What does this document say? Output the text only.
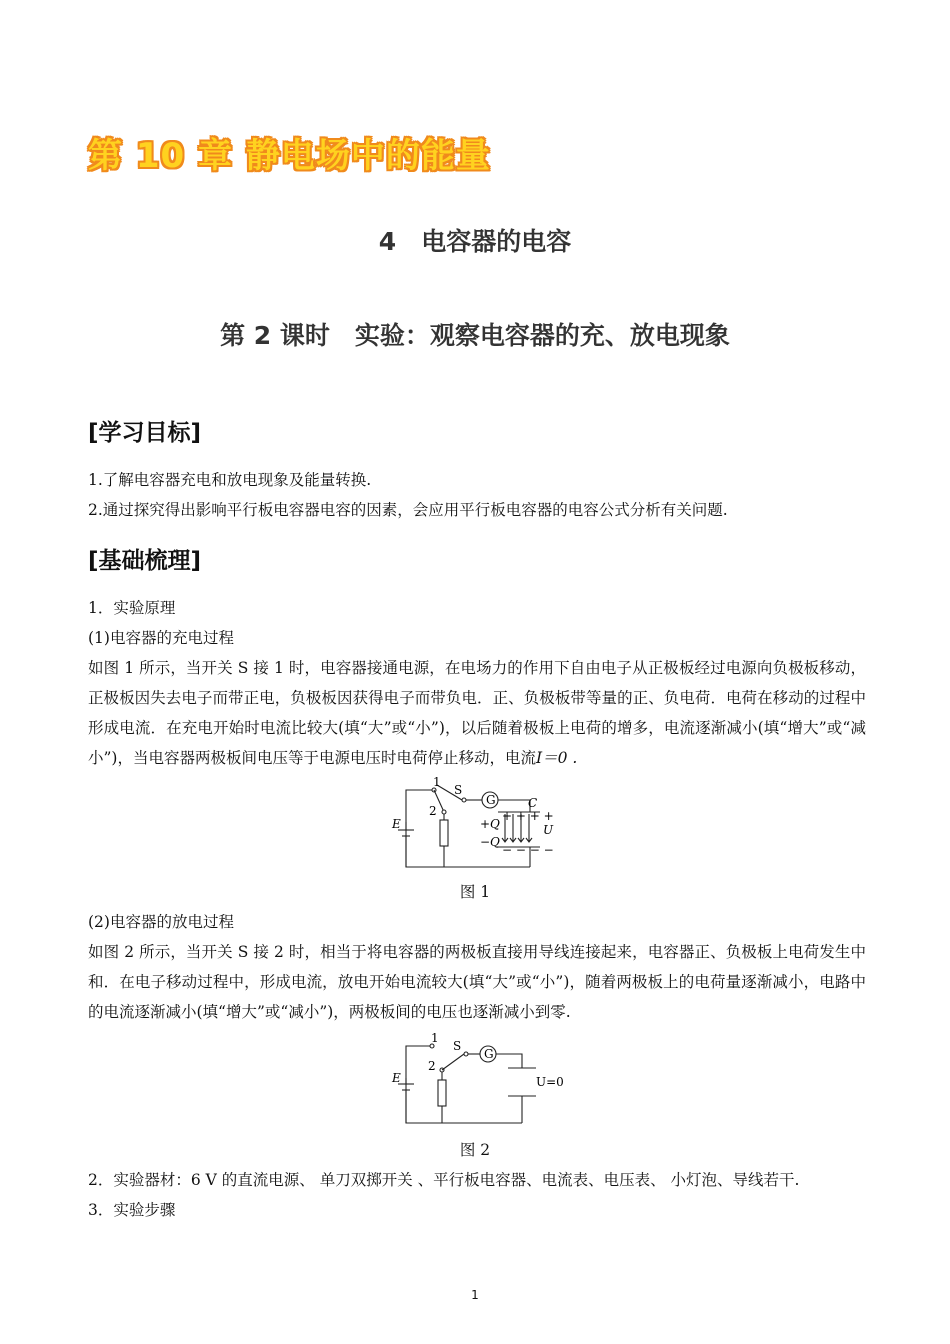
第 10 章 静电场中的能量
4　电容器的电容
第 2 课时　实验：观察电容器的充、放电现象
[学习目标]
1.了解电容器充电和放电现象及能量转换.
2.通过探究得出影响平行板电容器电容的因素，会应用平行板电容器的电容公式分析有关问题.
[基础梳理]
1．实验原理
(1)电容器的充电过程
如图 1 所示，当开关 S 接 1 时，电容器接通电源，在电场力的作用下自由电子从正极板经过电源向负极板移动，正极板因失去电子而带正电，负极板因获得电子而带负电．正、负极板带等量的正、负电荷．电荷在移动的过程中形成电流．在充电开始时电流比较大(填“大”或“小”)，以后随着极板上电荷的增多，电流逐渐减小(填“增大”或“减小”)，当电容器两极板间电压等于电源电压时电荷停止移动，电流I＝0 .
1
2
S
G	C
E	+Q
−Q
U
+ + + +
− − − −
图 1
(2)电容器的放电过程
如图 2 所示，当开关 S 接 2 时，相当于将电容器的两极板直接用导线连接起来，电容器正、负极板上电荷发生中和．在电子移动过程中，形成电流，放电开始电流较大(填“大”或“小”)，随着两极板上的电荷量逐渐减小，电路中的电流逐渐减小(填“增大”或“减小”)，两极板间的电压也逐渐减小到零.
1
2
S
G
E	U=0
图 2
2．实验器材：6 V 的直流电源、 单刀双掷开关 、平行板电容器、电流表、电压表、 小灯泡、导线若干.
3．实验步骤
1
